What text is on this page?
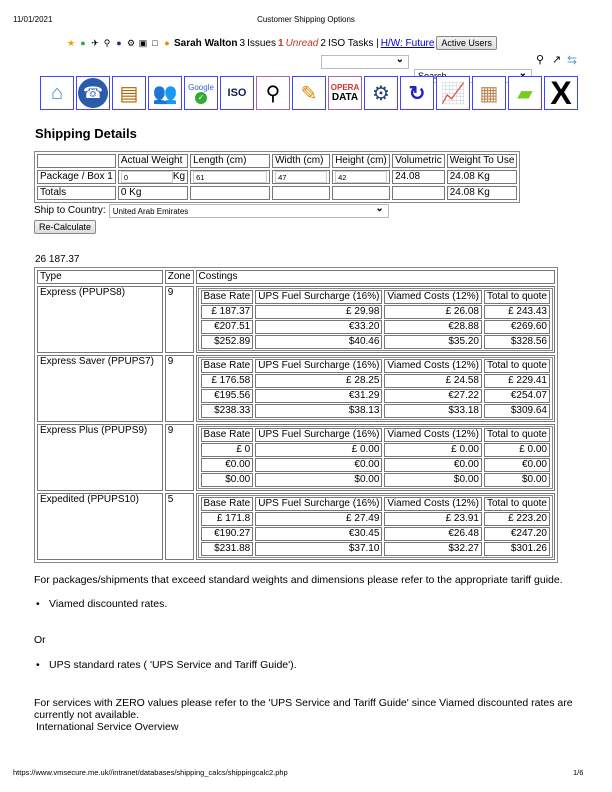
11/01/2021	Customer Shipping Options
★ ● ✈ ⚲ ● ⚙ ▣ □ ● Sarah Walton 3 Issues 1 Unread 2 ISO Tasks | H/W: Future Active Users
⌄
⌄
⚲ ↗ ⇆
⌂	☎ ▤ 👥	Google
✓	ISO ⚲	✎	OPERA
DATA ⚙ ↻ 📈 ▦ ▰ X
Shipping Details
	Actual Weight	Length (cm)	Width (cm)	Height (cm)	Volumetric	Weight To Use
Package / Box 1	0 Kg	61	47	42	24.08	24.08 Kg
Totals	0 Kg					24.08 Kg
Ship to Country: United Arab Emirates ⌄
Re-Calculate
26 187.37
Type	Zone	Costings
Express (PPUPS8)	9		Base Rate	UPS Fuel Surcharge (16%)	Viamed Costs (12%)	Total to quote
£ 187.37	£ 29.98	£ 26.08	£ 243.43
€207.51	€33.20	€28.88	€269.60
$252.89	$40.46	$35.20	$328.56

Express Saver (PPUPS7)	9		Base Rate	UPS Fuel Surcharge (16%)	Viamed Costs (12%)	Total to quote
£ 176.58	£ 28.25	£ 24.58	£ 229.41
€195.56	€31.29	€27.22	€254.07
$238.33	$38.13	$33.18	$309.64

Express Plus (PPUPS9)	9		Base Rate	UPS Fuel Surcharge (16%)	Viamed Costs (12%)	Total to quote
£ 0	£ 0.00	£ 0.00	£ 0.00
€0.00	€0.00	€0.00	€0.00
$0.00	$0.00	$0.00	$0.00

Expedited (PPUPS10)	5		Base Rate	UPS Fuel Surcharge (16%)	Viamed Costs (12%)	Total to quote
£ 171.8	£ 27.49	£ 23.91	£ 223.20
€190.27	€30.45	€26.48	€247.20
$231.88	$37.10	$32.27	$301.26
For packages/shipments that exceed standard weights and dimensions please refer to the appropriate tariff guide.
• Viamed discounted rates.
Or
• UPS standard rates ( 'UPS Service and Tariff Guide').
For services with ZERO values please refer to the 'UPS Service and Tariff Guide' since Viamed discounted rates are currently not available.
International Service Overview
https://www.vmsecure.me.uk//intranet/databases/shipping_calcs/shippingcalc2.php	1/6
